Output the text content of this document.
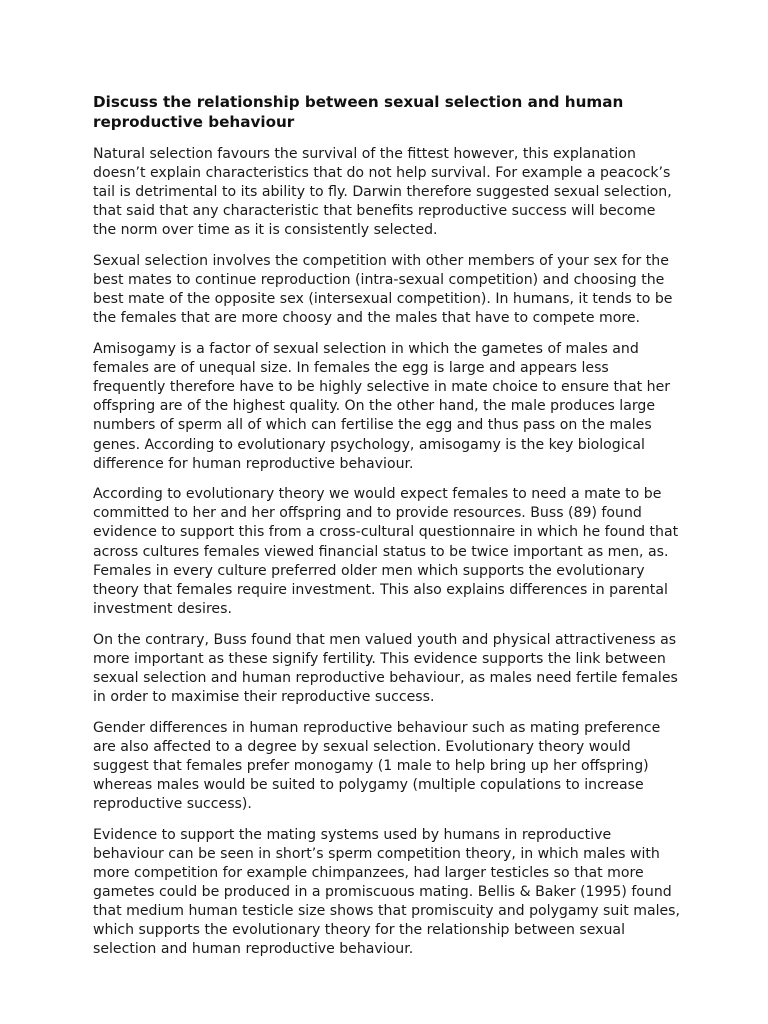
Discuss the relationship between sexual selection and human reproductive behaviour

Natural selection favours the survival of the fittest however, this explanation doesn’t explain characteristics that do not help survival. For example a peacock’s tail is detrimental to its ability to fly. Darwin therefore suggested sexual selection, that said that any characteristic that benefits reproductive success will become the norm over time as it is consistently selected.

Sexual selection involves the competition with other members of your sex for the best mates to continue reproduction (intra-sexual competition) and choosing the best mate of the opposite sex (intersexual competition). In humans, it tends to be the females that are more choosy and the males that have to compete more.

Amisogamy is a factor of sexual selection in which the gametes of males and females are of unequal size. In females the egg is large and appears less frequently therefore have to be highly selective in mate choice to ensure that her offspring are of the highest quality. On the other hand, the male produces large numbers of sperm all of which can fertilise the egg and thus pass on the males genes. According to evolutionary psychology, amisogamy is the key biological difference for human reproductive behaviour.

According to evolutionary theory we would expect females to need a mate to be committed to her and her offspring and to provide resources. Buss (89) found evidence to support this from a cross-cultural questionnaire in which he found that across cultures females viewed financial status to be twice important as men, as. Females in every culture preferred older men which supports the evolutionary theory that females require investment. This also explains differences in parental investment desires.

On the contrary, Buss found that men valued youth and physical attractiveness as more important as these signify fertility. This evidence supports the link between sexual selection and human reproductive behaviour, as males need fertile females in order to maximise their reproductive success.

Gender differences in human reproductive behaviour such as mating preference are also affected to a degree by sexual selection. Evolutionary theory would suggest that females prefer monogamy (1 male to help bring up her offspring) whereas males would be suited to polygamy (multiple copulations to increase reproductive success).

Evidence to support the mating systems used by humans in reproductive behaviour can be seen in short’s sperm competition theory, in which males with more competition for example chimpanzees, had larger testicles so that more gametes could be produced in a promiscuous mating. Bellis & Baker (1995) found that medium human testicle size shows that promiscuity and polygamy suit males, which supports the evolutionary theory for the relationship between sexual selection and human reproductive behaviour.
